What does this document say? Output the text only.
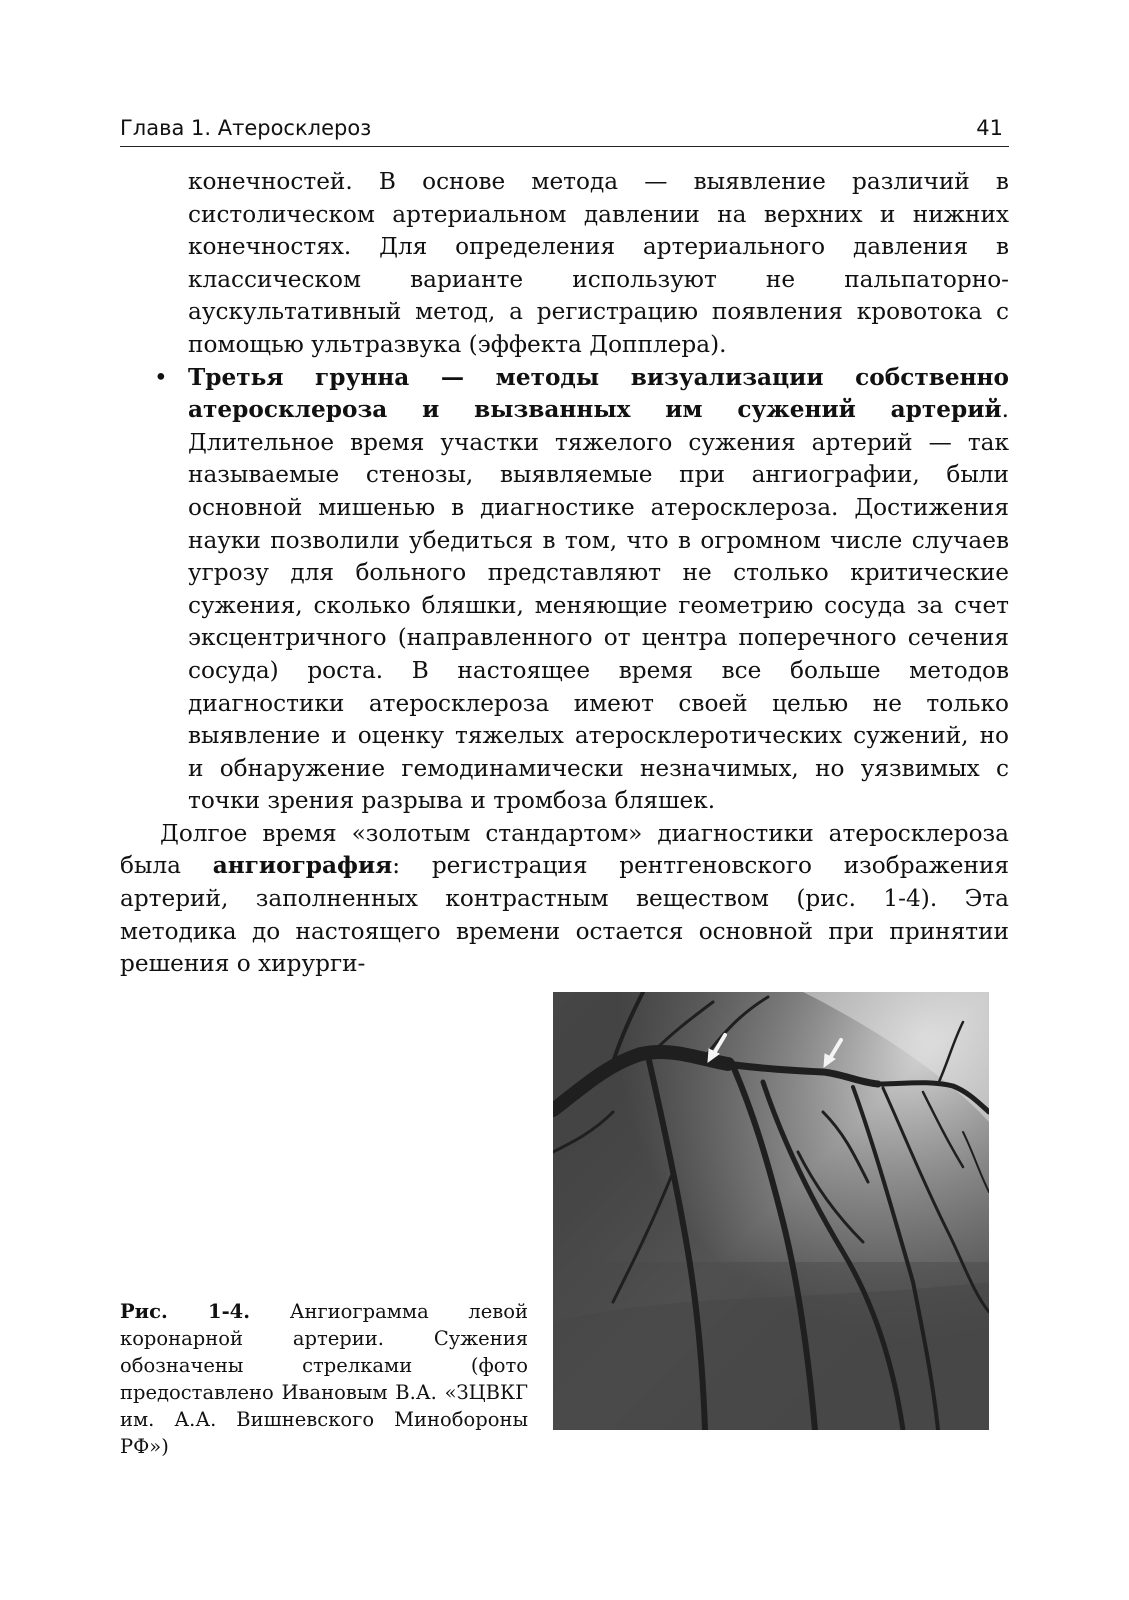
Глава 1. Атеросклероз	41

конечностей. В основе метода — выявление различий в систолическом артериальном давлении на верхних и нижних конечностях. Для определения артериального давления в классическом варианте используют не пальпаторно-аускультативный метод, а регистрацию появления кровотока с помощью ультразвука (эффекта Допплера).

• Третья грунна — методы визуализации собственно атеросклероза и вызванных им сужений артерий. Длительное время участки тяжелого сужения артерий — так называемые стенозы, выявляемые при ангиографии, были основной мишенью в диагностике атеросклероза. Достижения науки позволили убедиться в том, что в огромном числе случаев угрозу для больного представляют не столько критические сужения, сколько бляшки, меняющие геометрию сосуда за счет эксцентричного (направленного от центра поперечного сечения сосуда) роста. В настоящее время все больше методов диагностики атеросклероза имеют своей целью не только выявление и оценку тяжелых атеросклеротических сужений, но и обнаружение гемодинамически незначимых, но уязвимых с точки зрения разрыва и тромбоза бляшек.

Долгое время «золотым стандартом» диагностики атеросклероза была ангиография: регистрация рентгеновского изображения артерий, заполненных контрастным веществом (рис. 1-4). Эта методика до настоящего времени остается основной при принятии решения о хирурги-

Рис. 1-4. Ангиограмма левой коронарной артерии. Сужения обозначены стрелками (фото предоставлено Ивановым В.А. «ЗЦВКГ им. А.А. Вишневского Минобороны РФ»)
